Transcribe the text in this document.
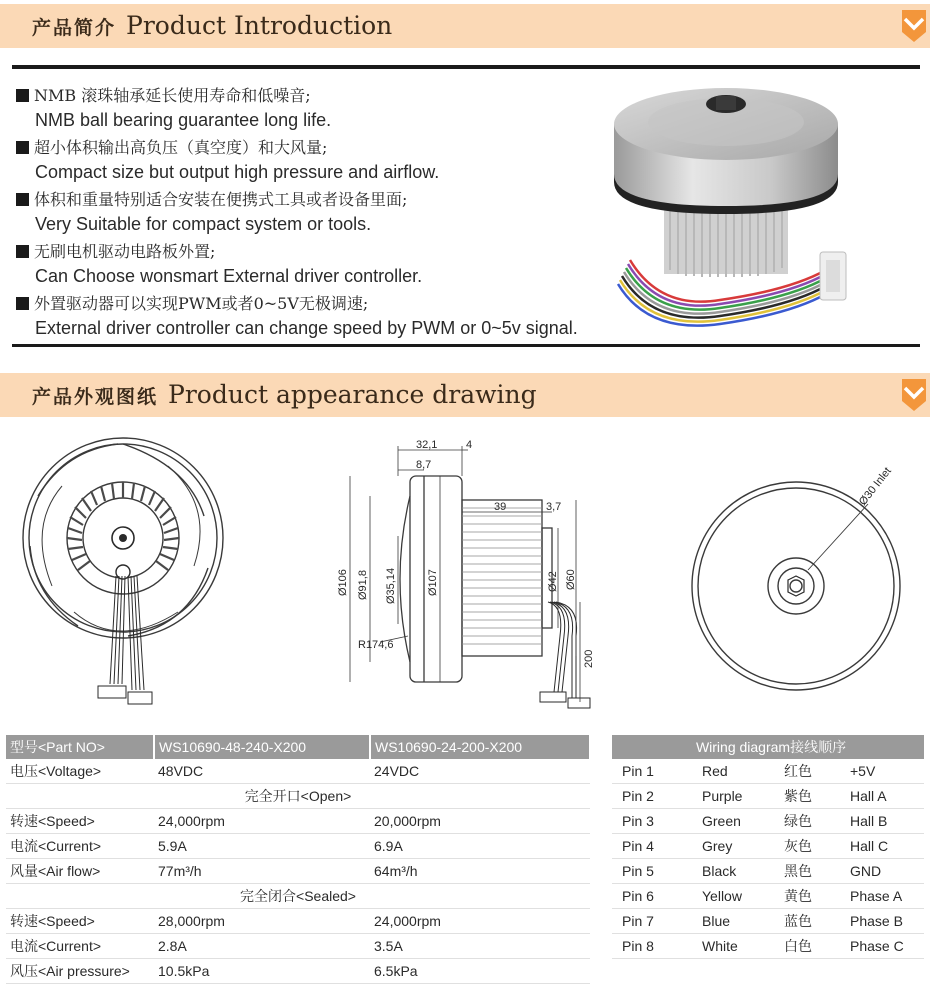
产品简介 Product Introduction
NMB 滚珠轴承延长使用寿命和低噪音;
NMB ball bearing guarantee long life.
超小体积输出高负压（真空度）和大风量;
Compact size but output high pressure and airflow.
体积和重量特别适合安装在便携式工具或者设备里面;
Very Suitable for compact system or tools.
无刷电机驱动电路板外置;
Can Choose wonsmart External driver controller.
外置驱动器可以实现PWM或者0~5V无极调速;
External driver controller can change speed by PWM or 0~5v signal.
产品外观图纸 Product appearance drawing
32,1	4
8,7
39	3,7
Ø106 Ø91,8 Ø35,14	Ø107	Ø42 Ø60
R174,6
200
Ø30 Inlet
型号<Part NO>	WS10690-48-240-X200	WS10690-24-200-X200
电压<Voltage>	48VDC	24VDC
完全开口<Open>		
转速<Speed>	24,000rpm	20,000rpm
电流<Current>	5.9A	6.9A
风量<Air flow>	77m³/h	64m³/h
完全闭合<Sealed>		
转速<Speed>	28,000rpm	24,000rpm
电流<Current>	2.8A	3.5A
风压<Air pressure>	10.5kPa	6.5kPa
Wiring diagram接线顺序			
Pin 1	Red	红色	+5V
Pin 2	Purple	紫色	Hall A
Pin 3	Green	绿色	Hall B
Pin 4	Grey	灰色	Hall C
Pin 5	Black	黑色	GND
Pin 6	Yellow	黄色	Phase A
Pin 7	Blue	蓝色	Phase B
Pin 8	White	白色	Phase C
